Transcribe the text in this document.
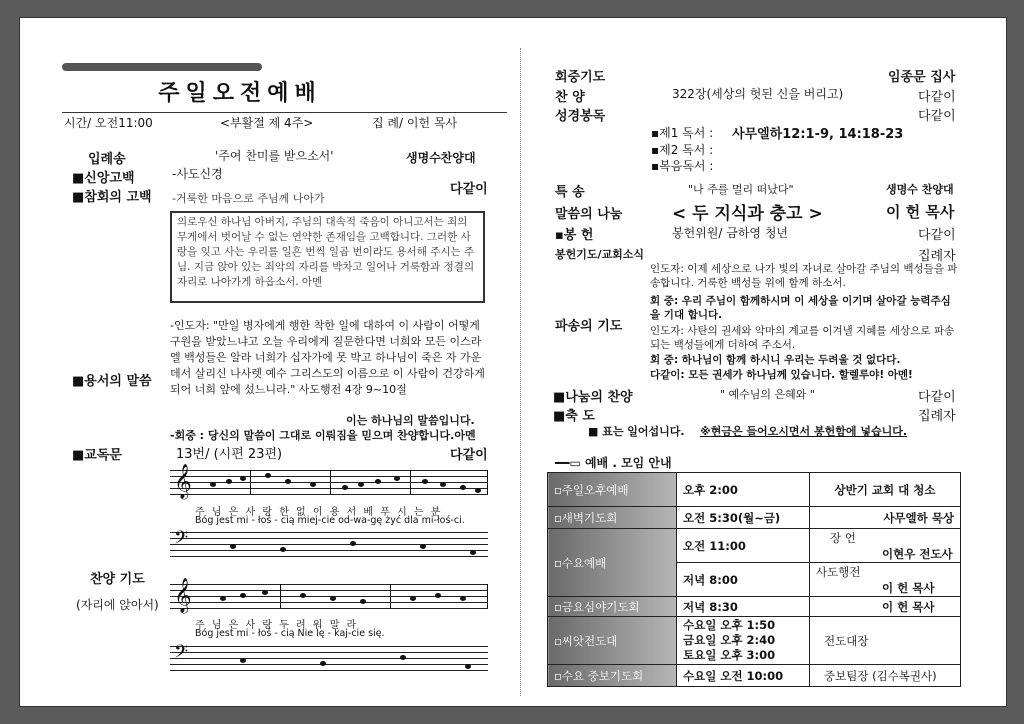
주일오전예배
시간/ 오전11:00	<부활절 제 4주>	집 례/ 이헌 목사
입례송	'주여 찬미를 받으소서'	생명수찬양대
■신앙고백	-사도신경
■참회의 고백 -거룩한 마음으로 주님께 나아가
다같이
의로우신 하나님 아버지, 주님의 대속적 죽음이 아니고서는 죄의 무게에서 벗어날 수 없는 연약한 존재임을 고백합니다. 그러한 사랑을 잊고 사는 우리를 일흔 번씩 일곱 번이라도 용서해 주시는 주님. 지금 앉아 있는 죄악의 자리를 박차고 일어나 거룩함과 정결의 자리로 나아가게 하옵소서. 아멘
-인도자: "만일 병자에게 행한 착한 일에 대하여 이 사람이 어떻게 구원을 받았느냐고 오늘 우리에게 질문한다면 너희와 모든 이스라엘 백성들은 알라 너희가 십자가에 못 박고 하나님이 죽은 자 가운데서 살리신 나사렛 예수 그리스도의 이름으로 이 사람이 건강하게 되어 너희 앞에 섰느니라." 사도행전 4장 9~10절
■용서의 말씀
이는 하나님의 말씀입니다.
-회중 : 당신의 말씀이 그대로 이뤄짐을 믿으며 찬양합니다.아멘
■교독문	13번/ (시편 23편)	다같이
𝄞
주 님 은 사 랑 한 없 이 용 서 베 푸 시 는 분
Bóg jest mi - łoś - cią miej-cie od-wa-gę żyć dla mi-łoś-ci.
𝄢
찬양 기도
(자리에 앉아서) 𝄞
주 님 은 사 랑 두 려 워 말 라
Bóg jest mi - łoś - cią Nie lę - kaj-cie się.
𝄢
회중기도	임종문 집사
찬 양	322장(세상의 헛된 신을 버리고)	다같이
성경봉독	다같이
▪제1 독서 : 사무엘하12:1-9, 14:18-23
▪제2 독서 :
▪복음독서 :
특 송	"나 주를 멀리 떠났다"	생명수 찬양대
말씀의 나눔	< 두 지식과 충고 >	이 헌 목사
▪봉 헌	봉헌위원/ 금하영 청년	다같이
봉헌기도/교회소식	집례자
인도자: 이제 세상으로 나가 빛의 자녀로 살아갈 주님의 백성들을 파송합니다. 거룩한 백성들 위에 함께 하소서.
회 중: 우리 주님이 함께하시며 이 세상을 이기며 살아갈 능력주심을 기대 합니다.
파송의 기도	인도자: 사탄의 권세와 악마의 계교를 이겨낼 지혜를 세상으로 파송되는 백성들에게 더하여 주소서.
회 중: 하나님이 함께 하시니 우리는 두려울 것 없다다.
다같이: 모든 권세가 하나님께 있습니다. 할렐루야! 아멘!
■나눔의 찬양	" 예수님의 은혜와 "	다같이
■축 도	집례자
■ 표는 일어섭니다. ※현금은 들어오시면서 봉헌함에 넣습니다.
━━▭ 예배 . 모임 안내
▫주일오후예배	오후 2:00	상반기 교회 대 청소
▫새벽기도회	오전 5:30(월~금)	사무엘하 묵상
▫수요예배	오전 11:00	장 언
이현우 전도사
	저녁 8:00	사도행전
이 헌 목사
▫금요심야기도회	저녁 8:30	이 헌 목사
▫씨앗전도대	수요일 오후 1:50
금요일 오후 2:40
토요일 오후 3:00	전도대장
▫수요 중보기도회	수요일 오전 10:00	중보팀장 (김수복권사)
